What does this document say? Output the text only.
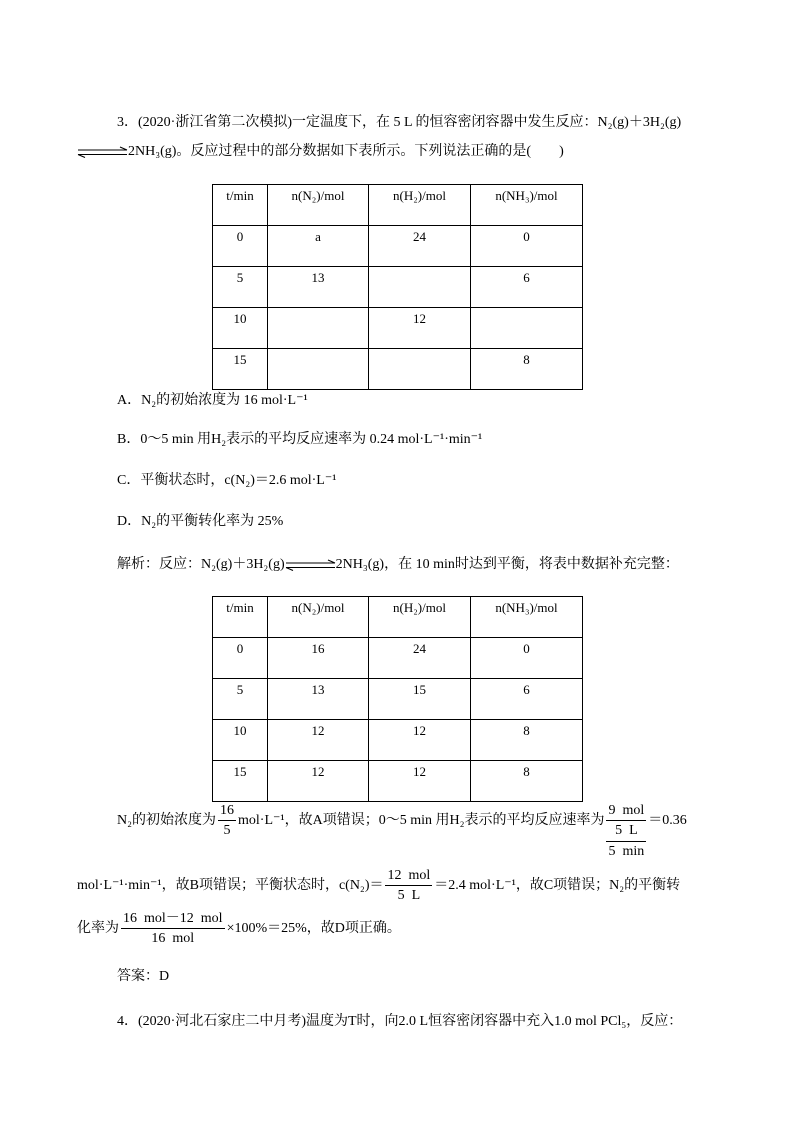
3．(2020·浙江省第二次模拟)一定温度下，在 5 L 的恒容密闭容器中发生反应：N₂(g)＋3H₂(g)
⇌ 2NH₃(g)。反应过程中的部分数据如下表所示。下列说法正确的是(　　)
t/min	n(N₂)/mol	n(H₂)/mol	n(NH₃)/mol
0	a	24	0
5	13		6
10		12	
15			8
A．N₂的初始浓度为 16 mol·L⁻¹
B．0～5 min 用H₂表示的平均反应速率为 0.24 mol·L⁻¹·min⁻¹
C．平衡状态时，c(N₂)＝2.6 mol·L⁻¹
D．N₂的平衡转化率为 25%
解析：反应：N₂(g)＋3H₂(g) ⇌ 2NH₃(g)，在 10 min时达到平衡，将表中数据补充完整：
t/min	n(N₂)/mol	n(H₂)/mol	n(NH₃)/mol
0	16	24	0
5	13	15	6
10	12	12	8
15	12	12	8
N₂的初始浓度为 $\frac{16}{5} mol\cdot L^{-1}$，故A项错误；0～5 min 用H₂表示的平均反应速率为 $\frac{\frac{\text{9  mol}}{5 L}}{5 \min} =0.36$
mol·L⁻¹·min⁻¹，故B项错误；平衡状态时，$c(N_2)= \frac{\text{12  mol}}{5 L} =2.4$ mol·L⁻¹，故C项错误；N₂的平衡转
化率为 $\frac{\text{16  mol－12  mol}}{\text{16  mol}} \times 100\%=25\%$，故D项正确。
答案：D
4．(2020·河北石家庄二中月考)温度为T时，向2.0 L恒容密闭容器中充入1.0 mol PCl₅，反应：
